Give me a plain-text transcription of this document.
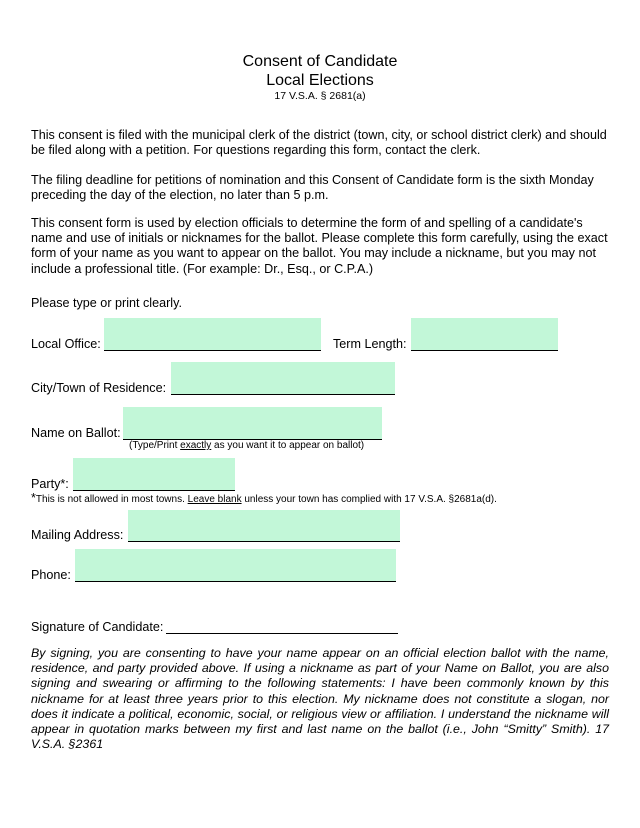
Consent of Candidate
Local Elections
17 V.S.A. § 2681(a)
This consent is filed with the municipal clerk of the district (town, city, or school district clerk) and should be filed along with a petition. For questions regarding this form, contact the clerk.
The filing deadline for petitions of nomination and this Consent of Candidate form is the sixth Monday preceding the day of the election, no later than 5 p.m.
This consent form is used by election officials to determine the form of and spelling of a candidate's name and use of initials or nicknames for the ballot. Please complete this form carefully, using the exact form of your name as you want to appear on the ballot. You may include a nickname, but you may not include a professional title. (For example: Dr., Esq., or C.P.A.)
Please type or print clearly.
Local Office:	Term Length:
City/Town of Residence:
Name on Ballot:
(Type/Print exactly as you want it to appear on ballot)
Party*:
*This is not allowed in most towns. Leave blank unless your town has complied with 17 V.S.A. §2681a(d).
Mailing Address:
Phone:
Signature of Candidate:
By signing, you are consenting to have your name appear on an official election ballot with the name, residence, and party provided above. If using a nickname as part of your Name on Ballot, you are also signing and swearing or affirming to the following statements: I have been commonly known by this nickname for at least three years prior to this election. My nickname does not constitute a slogan, nor does it indicate a political, economic, social, or religious view or affiliation. I understand the nickname will appear in quotation marks between my first and last name on the ballot (i.e., John “Smitty” Smith). 17 V.S.A. §2361
